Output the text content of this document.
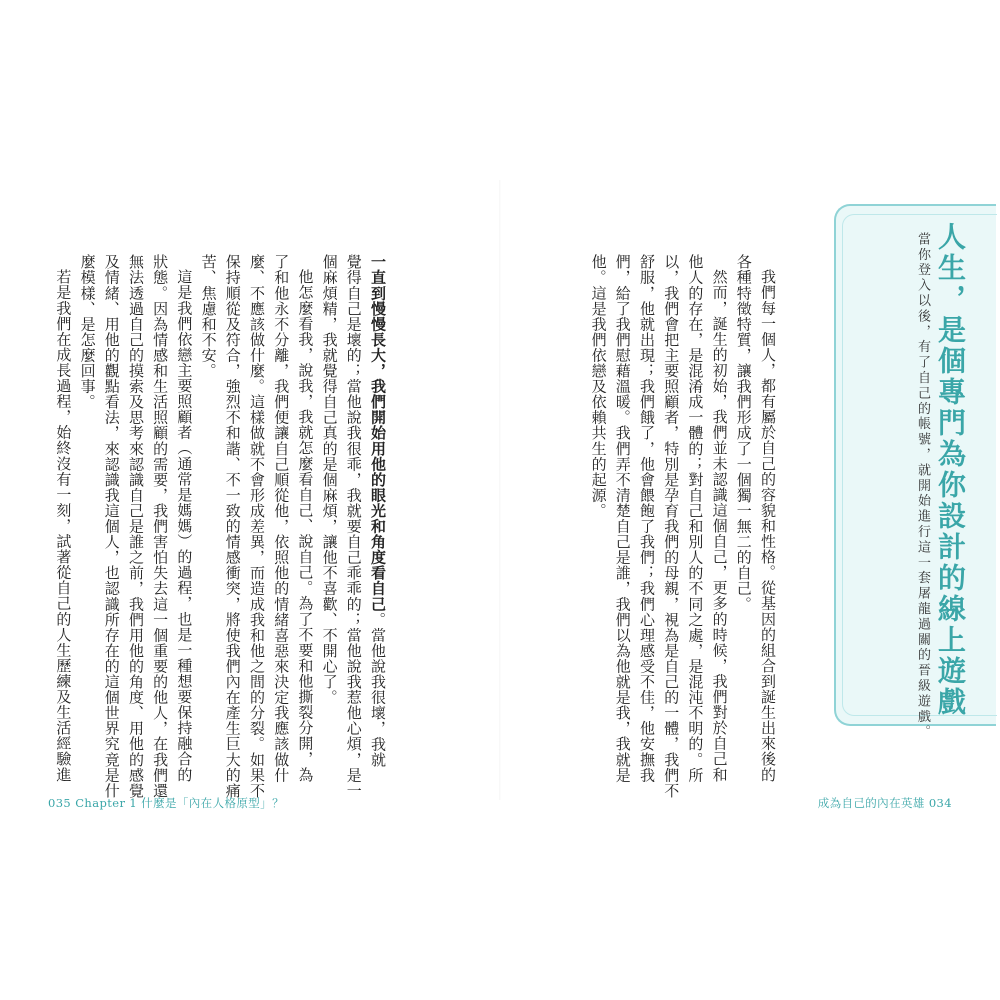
一直到慢慢長大，我們開始用他的眼光和角度看自己。當他說我很壞，我就
覺得自己是壞的；當他說我很乖，我就要自己乖乖的；當他說我惹他心煩，是一
個麻煩精，我就覺得自己真的是個麻煩，讓他不喜歡、不開心了。
他怎麼看我，說我，我就怎麼看自己、說自己。為了不要和他撕裂分開，為
了和他永不分離，我們便讓自己順從他，依照他的情緒喜惡來決定我應該做什
麼、不應該做什麼。這樣做就不會形成差異，而造成我和他之間的分裂。如果不
保持順從及符合，強烈不和諧、不一致的情感衝突，將使我們內在產生巨大的痛
苦、焦慮和不安。
這是我們依戀主要照顧者（通常是媽媽）的過程，也是一種想要保持融合的
狀態。因為情感和生活照顧的需要，我們害怕失去這一個重要的他人，在我們還
無法透過自己的摸索及思考來認識自己是誰之前，我們用他的角度、用他的感覺
及情緒、用他的觀點看法，來認識我這個人，也認識所存在的這個世界究竟是什
麼模樣、是怎麼回事。
若是我們在成長過程，始終沒有一刻，試著從自己的人生歷練及生活經驗進	我們每一個人，都有屬於自己的容貌和性格。從基因的組合到誕生出來後的
各種特徵特質，讓我們形成了一個獨一無二的自己。
然而，誕生的初始，我們並未認識這個自己，更多的時候，我們對於自己和
他人的存在，是混淆成一體的；對自己和別人的不同之處，是混沌不明的。所
以，我們會把主要照顧者，特別是孕育我們的母親，視為是自己的一體，我們不
舒服，他就出現；我們餓了，他會餵飽了我們；我們心理感受不佳，他安撫我
們，給了我們慰藉溫暖。我們弄不清楚自己是誰，我們以為他就是我，我就是
他。這是我們依戀及依賴共生的起源。	人生，是個專門為你設計的線上遊戲
當你登入以後，有了自己的帳號，就開始進行這一套屠龍過關的晉級遊戲。
035 Chapter 1 什麼是「內在人格原型」？	成為自己的內在英雄 034
